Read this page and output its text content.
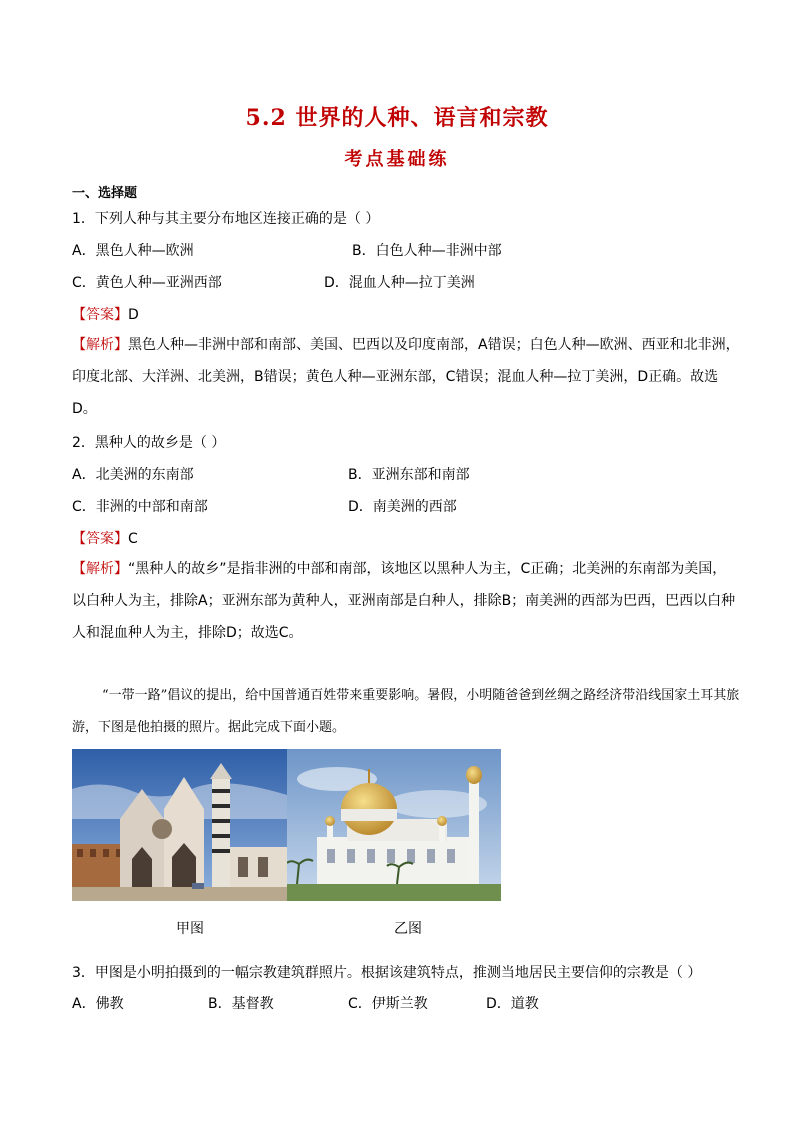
5.2 世界的人种、语言和宗教
考点基础练
一、选择题
1．下列人种与其主要分布地区连接正确的是（ ）
A．黑色人种—欧洲	B．白色人种—非洲中部
C．黄色人种—亚洲西部	D．混血人种—拉丁美洲
【答案】D
【解析】黑色人种—非洲中部和南部、美国、巴西以及印度南部，A错误；白色人种—欧洲、西亚和北非洲，印度北部、大洋洲、北美洲，B错误；黄色人种—亚洲东部，C错误；混血人种—拉丁美洲，D正确。故选D。
2．黑种人的故乡是（ ）
A．北美洲的东南部	B．亚洲东部和南部
C．非洲的中部和南部	D．南美洲的西部
【答案】C
【解析】“黑种人的故乡”是指非洲的中部和南部，该地区以黑种人为主，C正确；北美洲的东南部为美国，以白种人为主，排除A；亚洲东部为黄种人，亚洲南部是白种人，排除B；南美洲的西部为巴西，巴西以白种人和混血种人为主，排除D；故选C。
“一带一路”倡议的提出，给中国普通百姓带来重要影响。暑假，小明随爸爸到丝绸之路经济带沿线国家土耳其旅游，下图是他拍摄的照片。据此完成下面小题。
甲图	乙图
3．甲图是小明拍摄到的一幅宗教建筑群照片。根据该建筑特点，推测当地居民主要信仰的宗教是（ ）
A．佛教	B．基督教	C．伊斯兰教	D．道教
